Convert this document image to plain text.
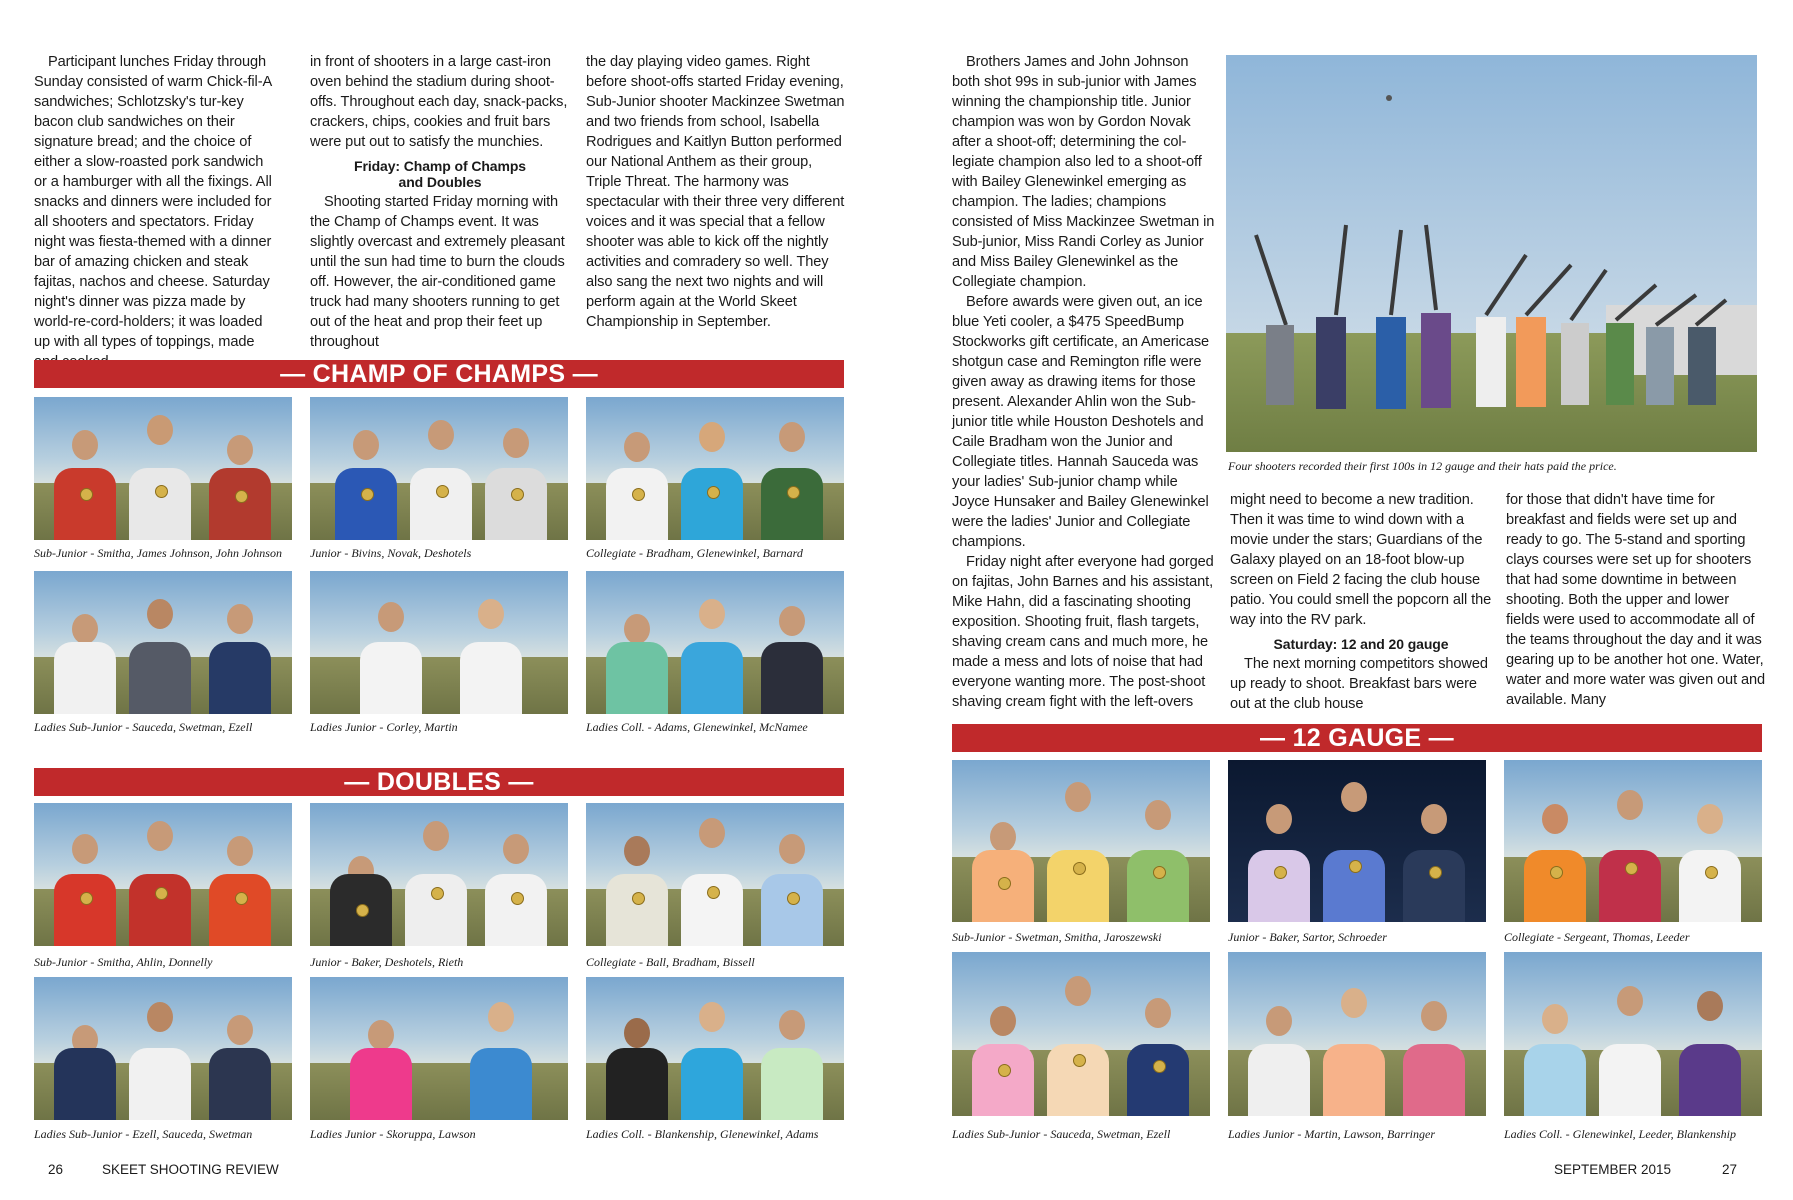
Participant lunches Friday through Sunday consisted of warm Chick-fil-A sandwiches; Schlotzsky's tur-key bacon club sandwiches on their signature bread; and the choice of either a slow-roasted pork sandwich or a hamburger with all the fixings. All snacks and dinners were included for all shooters and spectators. Friday night was fiesta-themed with a dinner bar of amazing chicken and steak fajitas, nachos and cheese. Saturday night's dinner was pizza made by world-re-cord-holders; it was loaded up with all types of toppings, made

in front of shooters in a large cast-iron oven behind the stadium during shoot-offs. Throughout each day, snack-packs, crackers, chips, cookies and fruit bars were put out to satisfy the munchies.

Friday: Champ of Champs
and Doubles

Shooting started Friday morning with the Champ of Champs event. It was slightly overcast and extremely pleasant until the sun had time to burn the clouds off. However, the air-conditioned game truck had many shooters running to get out of the heat and prop their feet up throughout

the day playing video games. Right before shoot-offs started Friday evening, Sub-Junior shooter Mackinzee Swetman and two friends from school, Isabella Rodrigues and Kaitlyn Button performed our National Anthem as their group, Triple Threat. The harmony was spectacular with their three very different voices and it was special that a fellow shooter was able to kick off the nightly activities and comradery so well. They also sang the next two nights and will perform again at the World Skeet Championship in September.

— CHAMP OF CHAMPS —
Sub-Junior - Smitha, James Johnson, John Johnson Junior - Bivins, Novak, Deshotels	Collegiate - Bradham, Glenewinkel, Barnard
Ladies Sub-Junior - Sauceda, Swetman, Ezell	Ladies Junior - Corley, Martin	Ladies Coll. - Adams, Glenewinkel, McNamee
— DOUBLES —
Sub-Junior - Smitha, Ahlin, Donnelly	Junior - Baker, Deshotels, Rieth	Collegiate - Ball, Bradham, Bissell
Ladies Sub-Junior - Ezell, Sauceda, Swetman	Ladies Junior - Skoruppa, Lawson	Ladies Coll. - Blankenship, Glenewinkel, Adams
26	SKEET SHOOTING REVIEW

Brothers James and John Johnson both shot 99s in sub-junior with James winning the championship title. Junior champion was won by Gordon Novak after a shoot-off; determining the col-legiate champion also led to a shoot-off with Bailey Glenewinkel emerging as champion. The ladies; champions consisted of Miss Mackinzee Swetman in Sub-junior, Miss Randi Corley as Junior and Miss Bailey Glenewinkel as the Collegiate champion.

Before awards were given out, an ice blue Yeti cooler, a $475 SpeedBump Stockworks gift certificate, an Americase shotgun case and Remington rifle were given away as drawing items for those present. Alexander Ahlin won the Sub-junior title while Houston Deshotels and Caile Bradham won the Junior and Collegiate titles. Hannah Sauceda was your ladies' Sub-junior champ while Joyce Hunsaker and Bailey Glenewinkel were the ladies' Junior and Collegiate champions.

Friday night after everyone had gorged on fajitas, John Barnes and his assistant, Mike Hahn, did a fascinating shooting exposition. Shooting fruit, flash targets, shaving cream cans and much more, he made a mess and lots of noise that had everyone wanting more. The post-shoot shaving cream fight with the left-overs

Four shooters recorded their first 100s in 12 gauge and their hats paid the price.

might need to become a new tradition. Then it was time to wind down with a movie under the stars; Guardians of the Galaxy played on an 18-foot blow-up screen on Field 2 facing the club house patio. You could smell the popcorn all the way into the RV park.

Saturday: 12 and 20 gauge

The next morning competitors showed up ready to shoot. Breakfast bars were out at the club house

for those that didn't have time for breakfast and fields were set up and ready to go. The 5-stand and sporting clays courses were set up for shooters that had some downtime in between shooting. Both the upper and lower fields were used to accommodate all of the teams throughout the day and it was gearing up to be another hot one. Water, water and more water was given out and available. Many

— 12 GAUGE —
Sub-Junior - Swetman, Smitha, Jaroszewski	Junior - Baker, Sartor, Schroeder	Collegiate - Sergeant, Thomas, Leeder
Ladies Sub-Junior - Sauceda, Swetman, Ezell	Ladies Junior - Martin, Lawson, Barringer	Ladies Coll. - Glenewinkel, Leeder, Blankenship
SEPTEMBER 2015	27
